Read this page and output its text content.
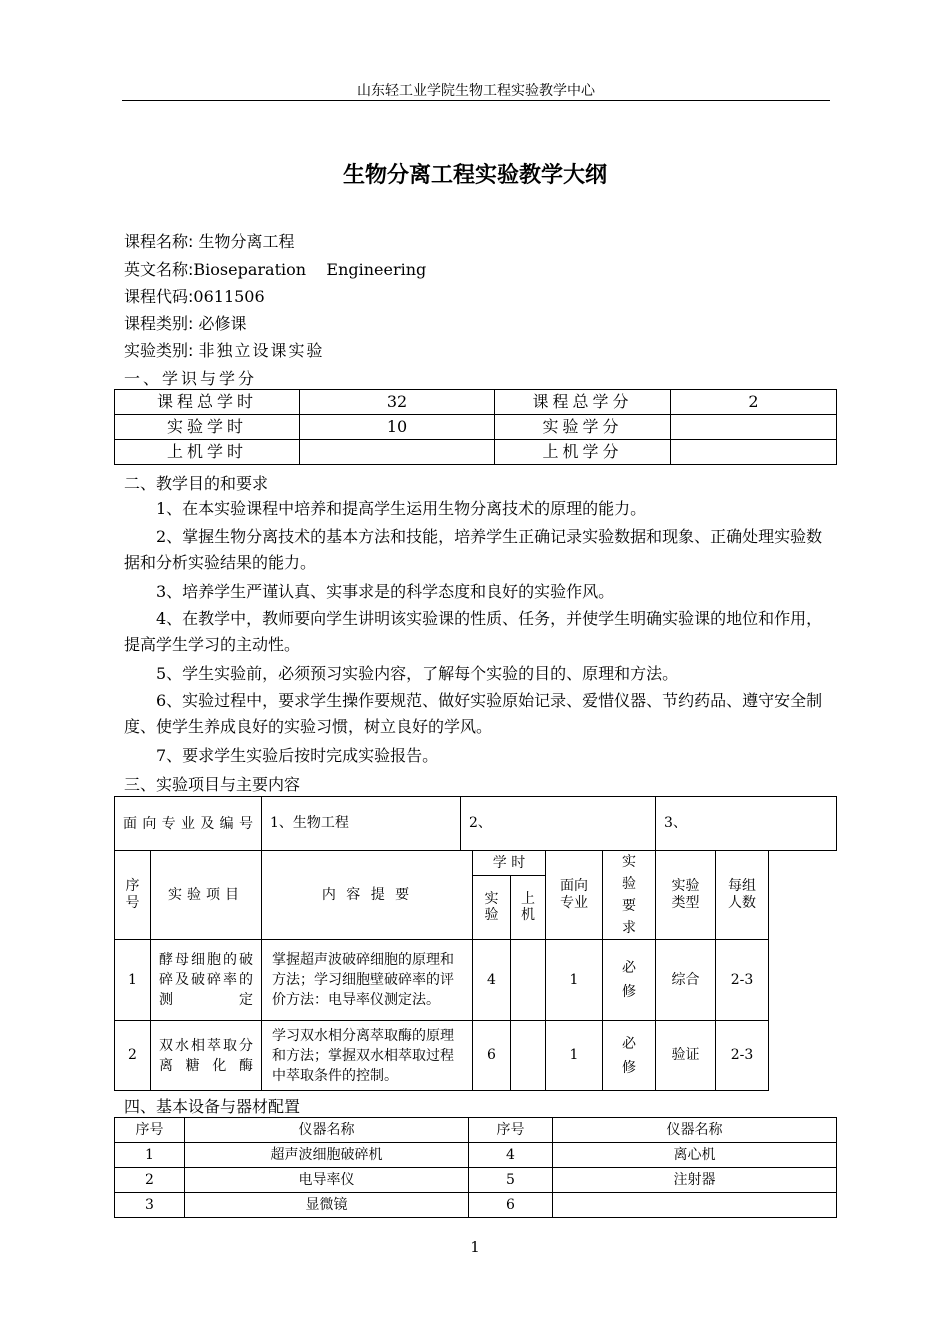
山东轻工业学院生物工程实验教学中心
生物分离工程实验教学大纲
课程名称: 生物分离工程
英文名称:Bioseparation    Engineering
课程代码:0611506
课程类别: 必修课
实验类别: 非独立设课实验
一、学识与学分
课程总学时	32	课程总学分	2
实验学时	10	实验学分	
上机学时		上机学分	
二、教学目的和要求
1、在本实验课程中培养和提高学生运用生物分离技术的原理的能力。
2、掌握生物分离技术的基本方法和技能，培养学生正确记录实验数据和现象、正确处理实验数据和分析实验结果的能力。
3、培养学生严谨认真、实事求是的科学态度和良好的实验作风。
4、在教学中，教师要向学生讲明该实验课的性质、任务，并使学生明确实验课的地位和作用，提高学生学习的主动性。
5、学生实验前，必须预习实验内容，了解每个实验的目的、原理和方法。
6、实验过程中，要求学生操作要规范、做好实验原始记录、爱惜仪器、节约药品、遵守安全制度、使学生养成良好的实验习惯，树立良好的学风。
7、要求学生实验后按时完成实验报告。
三、实验项目与主要内容
面向专业及编号		1、生物工程	2、					3、	
序号	实验项目	内 容 提 要		学 时		面向专业	实验要求	实验类型	每组人数
				实验	上机				
1	酵母细胞的破碎及破碎率的测定	掌握超声波破碎细胞的原理和方法；学习细胞壁破碎率的评价方法：电导率仪测定法。		4		1	必修	综合	2-3
2	双水相萃取分离糖化酶	学习双水相分离萃取酶的原理和方法；掌握双水相萃取过程中萃取条件的控制。		6		1	必修	验证	2-3
四、基本设备与器材配置
序号	仪器名称	序号	仪器名称
1	超声波细胞破碎机	4	离心机
2	电导率仪	5	注射器
3	显微镜	6	
1
